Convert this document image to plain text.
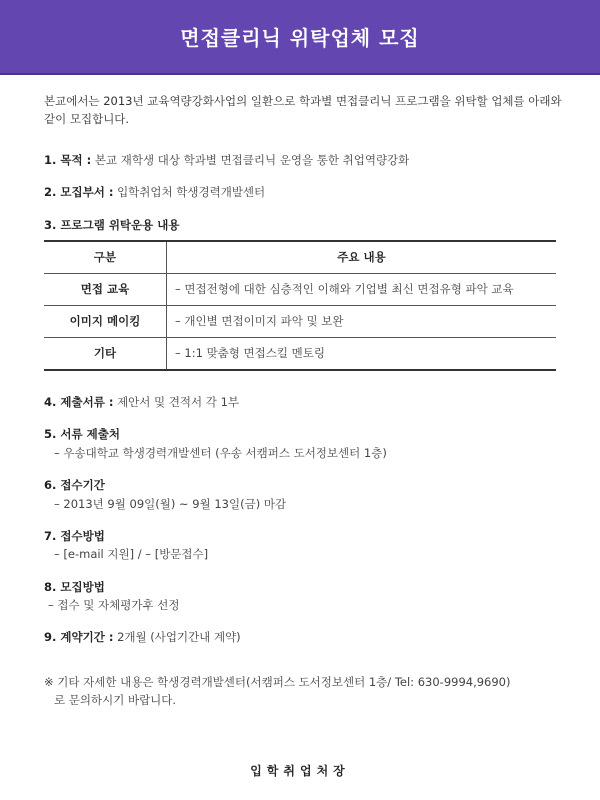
면접클리닉 위탁업체 모집

본교에서는 2013년 교육역량강화사업의 일환으로 학과별 면접클리닉 프로그램을 위탁할 업체를 아래와 같이 모집합니다.

1. 목적 : 본교 재학생 대상 학과별 면접클리닉 운영을 통한 취업역량강화
2. 모집부서 : 입학취업처 학생경력개발센터
3. 프로그램 위탁운용 내용
구분	주요 내용
면접 교육	– 면접전형에 대한 심층적인 이해와 기업별 최신 면접유형 파악 교육
이미지 메이킹	– 개인별 면접이미지 파악 및 보완
기타	– 1:1 맞춤형 면접스킬 멘토링
4. 제출서류 : 제안서 및 견적서 각 1부
5. 서류 제출처
– 우송대학교 학생경력개발센터 (우송 서캠퍼스 도서정보센터 1층)
6. 접수기간
– 2013년 9월 09일(월) ~ 9월 13일(금) 마감
7. 접수방법
– [e-mail 지원] / – [방문접수]
8. 모집방법
– 접수 및 자체평가후 선정
9. 계약기간 : 2개월 (사업기간내 계약)
※ 기타 자세한 내용은 학생경력개발센터(서캠퍼스 도서정보센터 1층/ Tel: 630-9994,9690)
로 문의하시기 바랍니다.
입학취업처장
